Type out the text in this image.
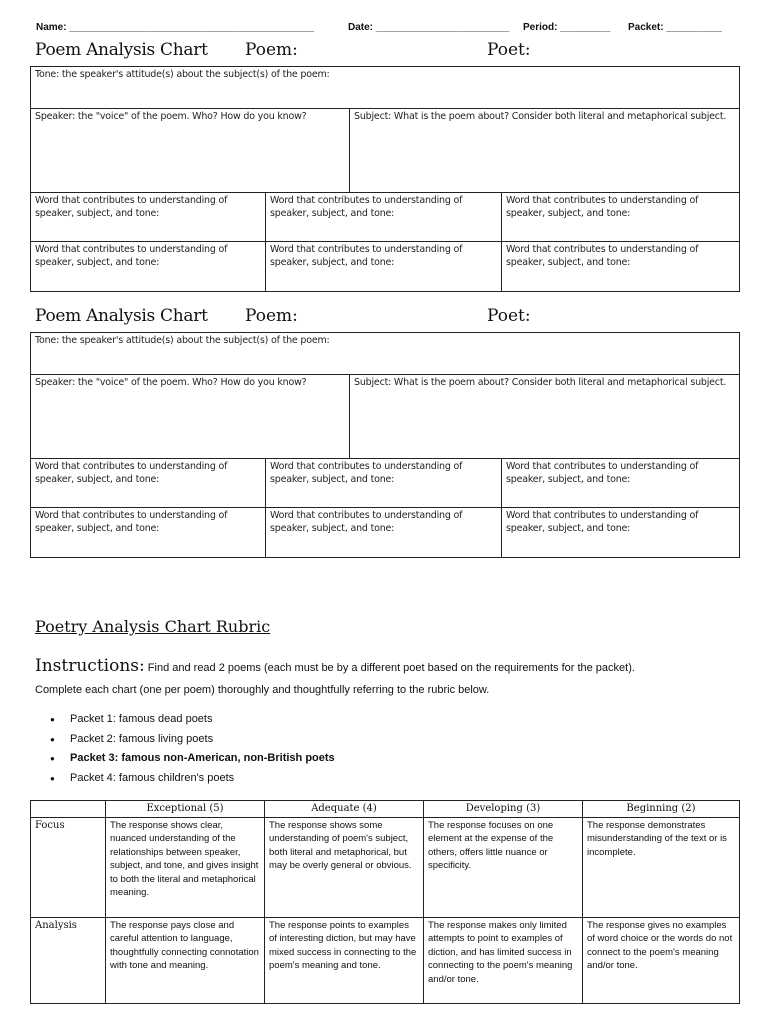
Name: ____________________________________________	Date: ________________________ Period: _________ Packet: __________
Poem Analysis Chart Poem:	Poet:
Tone: the speaker's attitude(s) about the subject(s) of the poem:			
Speaker: the "voice" of the poem. Who? How do you know?		Subject: What is the poem about? Consider both literal and metaphorical subject.	
Word that contributes to understanding of speaker, subject, and tone:	Word that contributes to understanding of speaker, subject, and tone:		Word that contributes to understanding of speaker, subject, and tone:
Word that contributes to understanding of speaker, subject, and tone:	Word that contributes to understanding of speaker, subject, and tone:		Word that contributes to understanding of speaker, subject, and tone:
Poem Analysis Chart Poem:	Poet:
Tone: the speaker's attitude(s) about the subject(s) of the poem:			
Speaker: the "voice" of the poem. Who? How do you know?		Subject: What is the poem about? Consider both literal and metaphorical subject.	
Word that contributes to understanding of speaker, subject, and tone:	Word that contributes to understanding of speaker, subject, and tone:		Word that contributes to understanding of speaker, subject, and tone:
Word that contributes to understanding of speaker, subject, and tone:	Word that contributes to understanding of speaker, subject, and tone:		Word that contributes to understanding of speaker, subject, and tone:
Poetry Analysis Chart Rubric
Instructions: Find and read 2 poems (each must be by a different poet based on the requirements for the packet).
Complete each chart (one per poem) thoroughly and thoughtfully referring to the rubric below.
● Packet 1: famous dead poets
● Packet 2: famous living poets
● Packet 3: famous non-American, non-British poets
● Packet 4: famous children's poets
	Exceptional (5)	Adequate (4)	Developing (3)	Beginning (2)
Focus	The response shows clear, nuanced understanding of the relationships between speaker, subject, and tone, and gives insight to both the literal and metaphorical meaning.	The response shows some understanding of poem's subject, both literal and metaphorical, but may be overly general or obvious.	The response focuses on one element at the expense of the others, offers little nuance or specificity.	The response demonstrates misunderstanding of the text or is incomplete.
Analysis	The response pays close and careful attention to language, thoughtfully connecting connotation with tone and meaning.	The response points to examples of interesting diction, but may have mixed success in connecting to the poem's meaning and tone.	The response makes only limited attempts to point to examples of diction, and has limited success in connecting to the poem's meaning and/or tone.	The response gives no examples of word choice or the words do not connect to the poem's meaning and/or tone.
